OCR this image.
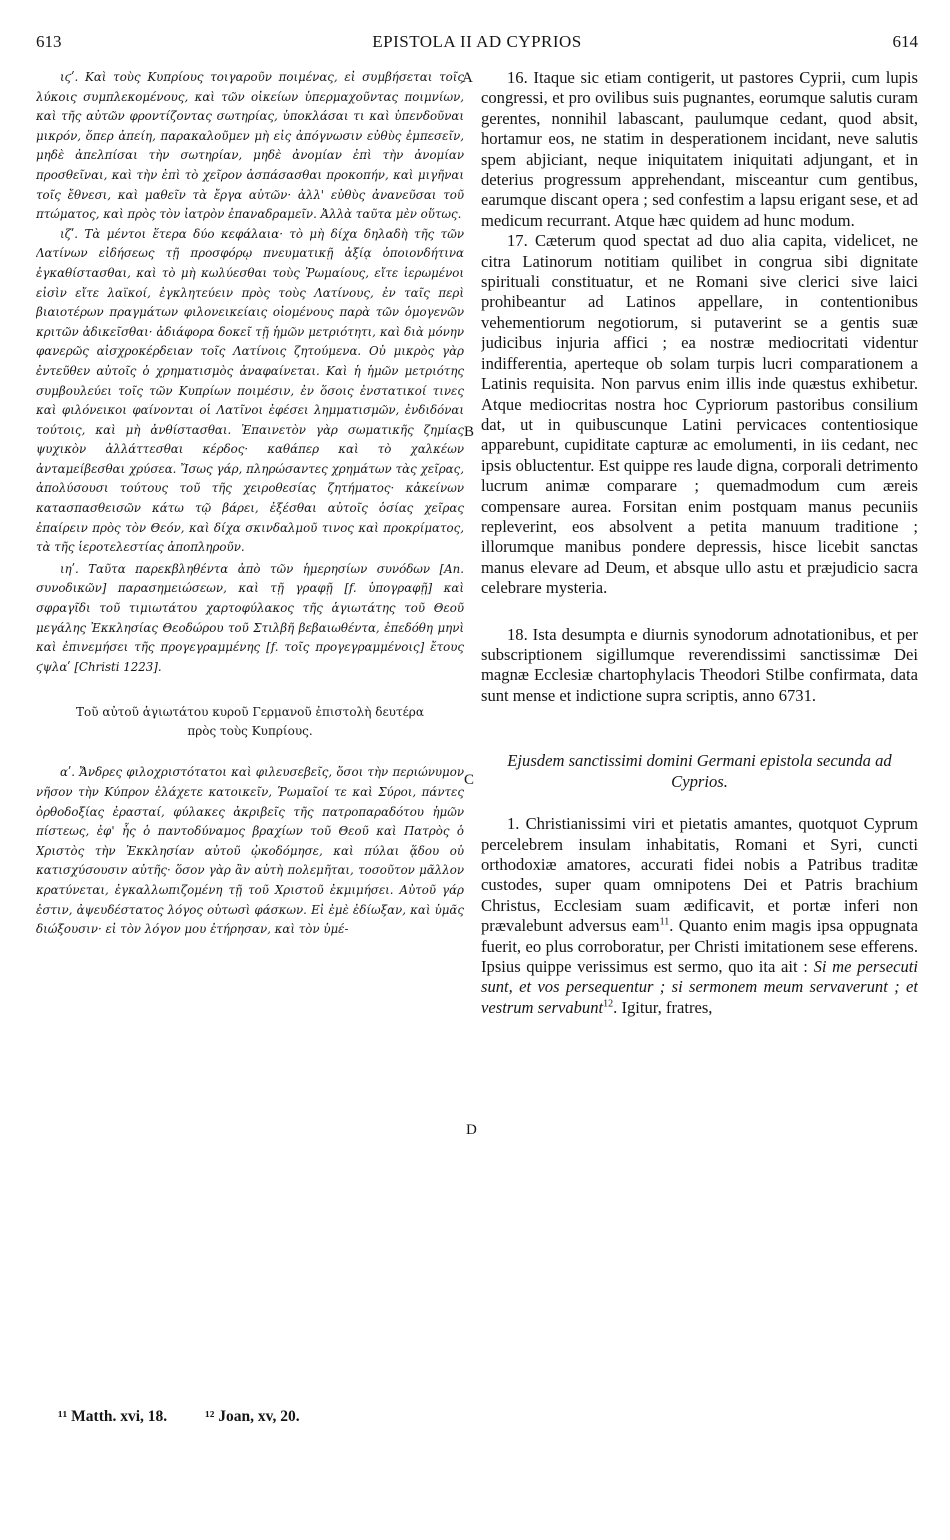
613	EPISTOLA II AD CYPRIOS	614

ιϛʹ. Καὶ τοὺς Κυπρίους τοιγαροῦν ποιμένας, εἰ συμβήσεται τοῖς λύκοις συμπλεκομένους, καὶ τῶν οἰκείων ὑπερμαχοῦντας ποιμνίων, καὶ τῆς αὐτῶν φροντίζοντας σωτηρίας, ὑποκλάσαι τι καὶ ὑπενδοῦναι μικρόν, ὅπερ ἀπείη, παρακαλοῦμεν μὴ εἰς ἀπόγνωσιν εὐθὺς ἐμπεσεῖν, μηδὲ ἀπελπίσαι τὴν σωτηρίαν, μηδὲ ἀνομίαν ἐπὶ τὴν ἀνομίαν προσθεῖναι, καὶ τὴν ἐπὶ τὸ χεῖρον ἀσπάσασθαι προκοπήν, καὶ μιγῆναι τοῖς ἔθνεσι, καὶ μαθεῖν τὰ ἔργα αὐτῶν· ἀλλ' εὐθὺς ἀνανεῦσαι τοῦ πτώματος, καὶ πρὸς τὸν ἰατρὸν ἐπαναδραμεῖν. Ἀλλὰ ταῦτα μὲν οὕτως.

ιζʹ. Τὰ μέντοι ἕτερα δύο κεφάλαια· τὸ μὴ δίχα δηλαδὴ τῆς τῶν Λατίνων εἰδήσεως τῇ προσφόρῳ πνευματικῇ ἀξίᾳ ὁποιονδήτινα ἐγκαθίστασθαι, καὶ τὸ μὴ κωλύεσθαι τοὺς Ῥωμαίους, εἴτε ἱερωμένοι εἰσὶν εἴτε λαϊκοί, ἐγκλητεύειν πρὸς τοὺς Λατίνους, ἐν ταῖς περὶ βιαιοτέρων πραγμάτων φιλονεικείαις οἰομένους παρὰ τῶν ὁμογενῶν κριτῶν ἀδικεῖσθαι· ἀδιάφορα δοκεῖ τῇ ἡμῶν μετριότητι, καὶ διὰ μόνην φανερῶς αἰσχροκέρδειαν τοῖς Λατίνοις ζητούμενα. Οὐ μικρὸς γὰρ ἐντεῦθεν αὐτοῖς ὁ χρηματισμὸς ἀναφαίνεται. Καὶ ἡ ἡμῶν μετριότης συμβουλεύει τοῖς τῶν Κυπρίων ποιμέσιν, ἐν ὅσοις ἐνστατικοί τινες καὶ φιλόνεικοι φαίνονται οἱ Λατῖνοι ἐφέσει λημματισμῶν, ἐνδιδόναι τούτοις, καὶ μὴ ἀνθίστασθαι. Ἐπαινετὸν γὰρ σωματικῆς ζημίας ψυχικὸν ἀλλάττεσθαι κέρδος· καθάπερ καὶ τὸ χαλκέων ἀνταμείβεσθαι χρύσεα. Ἴσως γάρ, πληρώσαντες χρημάτων τὰς χεῖρας, ἀπολύσουσι τούτους τοῦ τῆς χειροθεσίας ζητήματος· κἀκείνων κατασπασθεισῶν κάτω τῷ βάρει, ἐξέσθαι αὐτοῖς ὁσίας χεῖρας ἐπαίρειν πρὸς τὸν Θεόν, καὶ δίχα σκινδαλμοῦ τινος καὶ προκρίματος, τὰ τῆς ἱεροτελεστίας ἀποπληροῦν.

ιηʹ. Ταῦτα παρεκβληθέντα ἀπὸ τῶν ἡμερησίων συνόδων [Αn. συνοδικῶν] παρασημειώσεων, καὶ τῇ γραφῇ [f. ὑπογραφῇ] καὶ σφραγῖδι τοῦ τιμιωτάτου χαρτοφύλακος τῆς ἁγιωτάτης τοῦ Θεοῦ μεγάλης Ἐκκλησίας Θεοδώρου τοῦ Στιλβῆ βεβαιωθέντα, ἐπεδόθη μηνὶ καὶ ἐπινεμήσει τῆς προγεγραμμένης [f. τοῖς προγεγραμμένοις] ἔτους ϛψλαʹ [Christi 1223].

Τοῦ αὐτοῦ ἁγιωτάτου κυροῦ Γερμανοῦ ἐπιστολὴ δευτέρα πρὸς τοὺς Κυπρίους.

αʹ. Ἄνδρες φιλοχριστότατοι καὶ φιλευσεβεῖς, ὅσοι τὴν περιώνυμον νῆσον τὴν Κύπρον ἐλάχετε κατοικεῖν, Ῥωμαῖοί τε καὶ Σύροι, πάντες ὀρθοδοξίας ἐρασταί, φύλακες ἀκριβεῖς τῆς πατροπαραδότου ἡμῶν πίστεως, ἐφ' ἧς ὁ παντοδύναμος βραχίων τοῦ Θεοῦ καὶ Πατρὸς ὁ Χριστὸς τὴν Ἐκκλησίαν αὐτοῦ ᾠκοδόμησε, καὶ πύλαι ᾅδου οὐ κατισχύσουσιν αὐτῆς· ὅσον γὰρ ἂν αὐτὴ πολεμῆται, τοσοῦτον μᾶλλον κρατύνεται, ἐγκαλλωπιζομένη τῇ τοῦ Χριστοῦ ἐκμιμήσει. Αὐτοῦ γάρ ἐστιν, ἀψευδέστατος λόγος οὑτωσὶ φάσκων. Εἰ ἐμὲ ἐδίωξαν, καὶ ὑμᾶς διώξουσιν· εἰ τὸν λόγον μου ἐτήρησαν, καὶ τὸν ὑμέ-

16. Itaque sic etiam contigerit, ut pastores Cyprii, cum lupis congressi, et pro ovilibus suis pugnantes, eorumque salutis curam gerentes, nonnihil labascant, paulumque cedant, quod absit, hortamur eos, ne statim in desperationem incidant, neve salutis spem abjiciant, neque iniquitatem iniquitati adjungant, et in deterius progressum apprehendant, misceantur cum gentibus, earumque discant opera ; sed confestim a lapsu erigant sese, et ad medicum recurrant. Atque hæc quidem ad hunc modum.

17. Cæterum quod spectat ad duo alia capita, videlicet, ne citra Latinorum notitiam quilibet in congrua sibi dignitate spirituali constituatur, et ne Romani sive clerici sive laici prohibeantur ad Latinos appellare, in contentionibus vehementiorum negotiorum, si putaverint se a gentis suæ judicibus injuria affici ; ea nostræ mediocritati videntur indifferentia, aperteque ob solam turpis lucri comparationem a Latinis requisita. Non parvus enim illis inde quæstus exhibetur. Atque mediocritas nostra hoc Cypriorum pastoribus consilium dat, ut in quibuscunque Latini pervicaces contentiosique apparebunt, cupiditate capturæ ac emolumenti, in iis cedant, nec ipsis obluctentur. Est quippe res laude digna, corporali detrimento lucrum animæ comparare ; quemadmodum cum æreis compensare aurea. Forsitan enim postquam manus pecuniis repleverint, eos absolvent a petita manuum traditione ; illorumque manibus pondere depressis, hisce licebit sanctas manus elevare ad Deum, et absque ullo astu et præjudicio sacra celebrare mysteria.

18. Ista desumpta e diurnis synodorum adnotationibus, et per subscriptionem sigillumque reverendissimi sanctissimæ Dei magnæ Ecclesiæ chartophylacis Theodori Stilbe confirmata, data sunt mense et indictione supra scriptis, anno 6731.

Ejusdem sanctissimi domini Germani epistola secunda ad Cyprios.

1. Christianissimi viri et pietatis amantes, quotquot Cyprum percelebrem insulam inhabitatis, Romani et Syri, cuncti orthodoxiæ amatores, accurati fidei nobis a Patribus traditæ custodes, super quam omnipotens Dei et Patris brachium Christus, Ecclesiam suam ædificavit, et portæ inferi non prævalebunt adversus eam$^{11}$. Quanto enim magis ipsa oppugnata fuerit, eo plus corroboratur, per Christi imitationem sese efferens. Ipsius quippe verissimus est sermo, quo ita ait : Si me persecuti sunt, et vos persequentur ; si sermonem meum servaverunt ; et vestrum servabunt$^{12}$. Igitur, fratres,

A
B
C
D
¹¹ Matth. xvi, 18. ¹² Joan, xv, 20.
